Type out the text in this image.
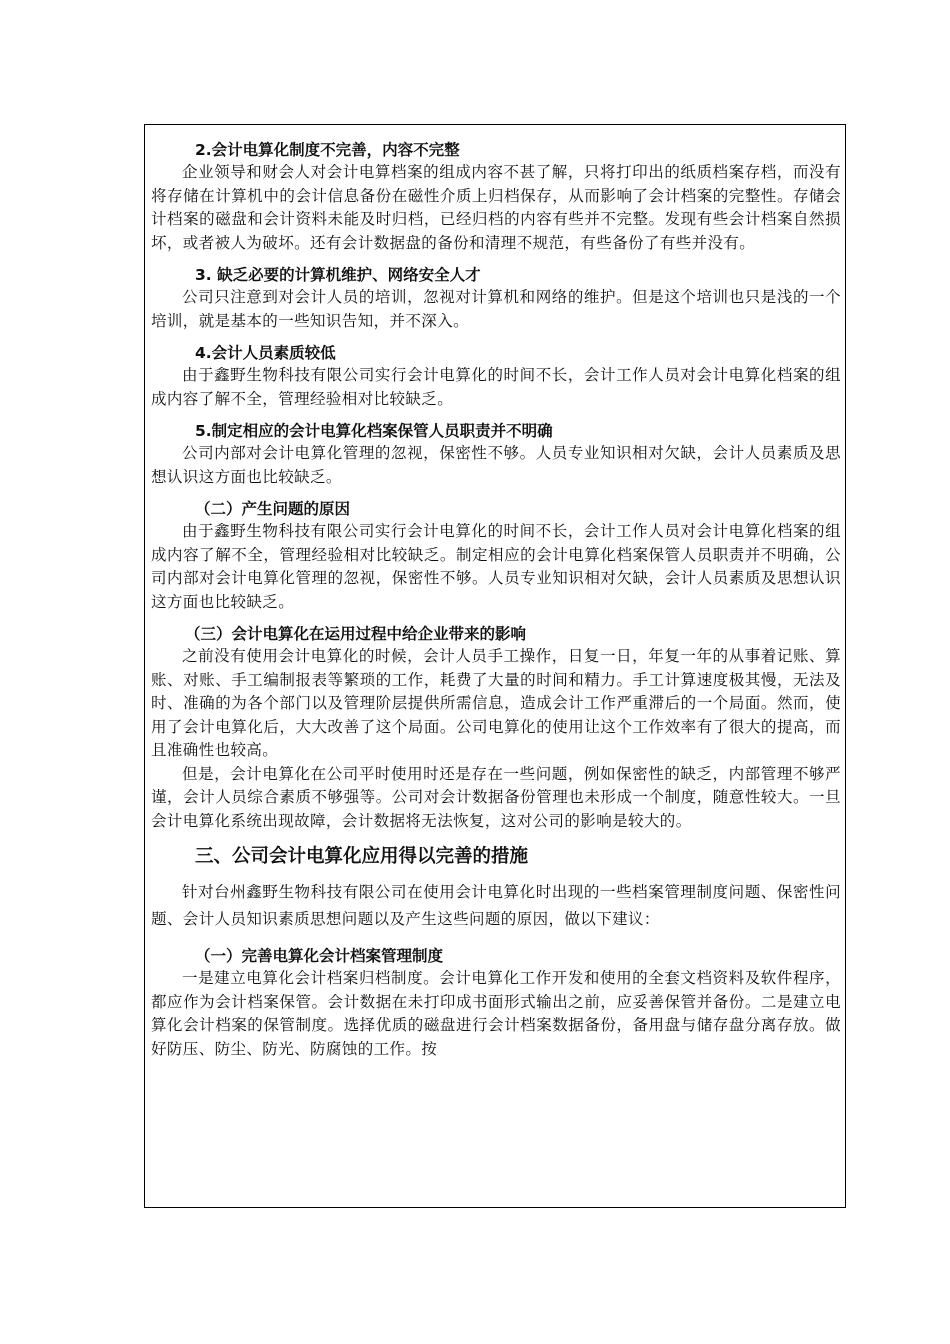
2.会计电算化制度不完善，内容不完整

企业领导和财会人对会计电算档案的组成内容不甚了解，只将打印出的纸质档案存档，而没有将存储在计算机中的会计信息备份在磁性介质上归档保存，从而影响了会计档案的完整性。存储会计档案的磁盘和会计资料未能及时归档，已经归档的内容有些并不完整。发现有些会计档案自然损坏，或者被人为破坏。还有会计数据盘的备份和清理不规范，有些备份了有些并没有。

3. 缺乏必要的计算机维护、网络安全人才

公司只注意到对会计人员的培训，忽视对计算机和网络的维护。但是这个培训也只是浅的一个培训，就是基本的一些知识告知，并不深入。

4.会计人员素质较低

由于鑫野生物科技有限公司实行会计电算化的时间不长，会计工作人员对会计电算化档案的组成内容了解不全，管理经验相对比较缺乏。

5.制定相应的会计电算化档案保管人员职责并不明确

公司内部对会计电算化管理的忽视，保密性不够。人员专业知识相对欠缺，会计人员素质及思想认识这方面也比较缺乏。

（二）产生问题的原因

由于鑫野生物科技有限公司实行会计电算化的时间不长，会计工作人员对会计电算化档案的组成内容了解不全，管理经验相对比较缺乏。制定相应的会计电算化档案保管人员职责并不明确，公司内部对会计电算化管理的忽视，保密性不够。人员专业知识相对欠缺，会计人员素质及思想认识这方面也比较缺乏。

（三）会计电算化在运用过程中给企业带来的影响

之前没有使用会计电算化的时候，会计人员手工操作，日复一日，年复一年的从事着记账、算账、对账、手工编制报表等繁琐的工作，耗费了大量的时间和精力。手工计算速度极其慢，无法及时、准确的为各个部门以及管理阶层提供所需信息，造成会计工作严重滞后的一个局面。然而，使用了会计电算化后，大大改善了这个局面。公司电算化的使用让这个工作效率有了很大的提高，而且准确性也较高。

但是，会计电算化在公司平时使用时还是存在一些问题，例如保密性的缺乏，内部管理不够严谨，会计人员综合素质不够强等。公司对会计数据备份管理也未形成一个制度，随意性较大。一旦会计电算化系统出现故障，会计数据将无法恢复，这对公司的影响是较大的。

三、公司会计电算化应用得以完善的措施

针对台州鑫野生物科技有限公司在使用会计电算化时出现的一些档案管理制度问题、保密性问题、会计人员知识素质思想问题以及产生这些问题的原因，做以下建议：

（一）完善电算化会计档案管理制度

一是建立电算化会计档案归档制度。会计电算化工作开发和使用的全套文档资料及软件程序，都应作为会计档案保管。会计数据在未打印成书面形式输出之前，应妥善保管并备份。二是建立电算化会计档案的保管制度。选择优质的磁盘进行会计档案数据备份，备用盘与储存盘分离存放。做好防压、防尘、防光、防腐蚀的工作。按
